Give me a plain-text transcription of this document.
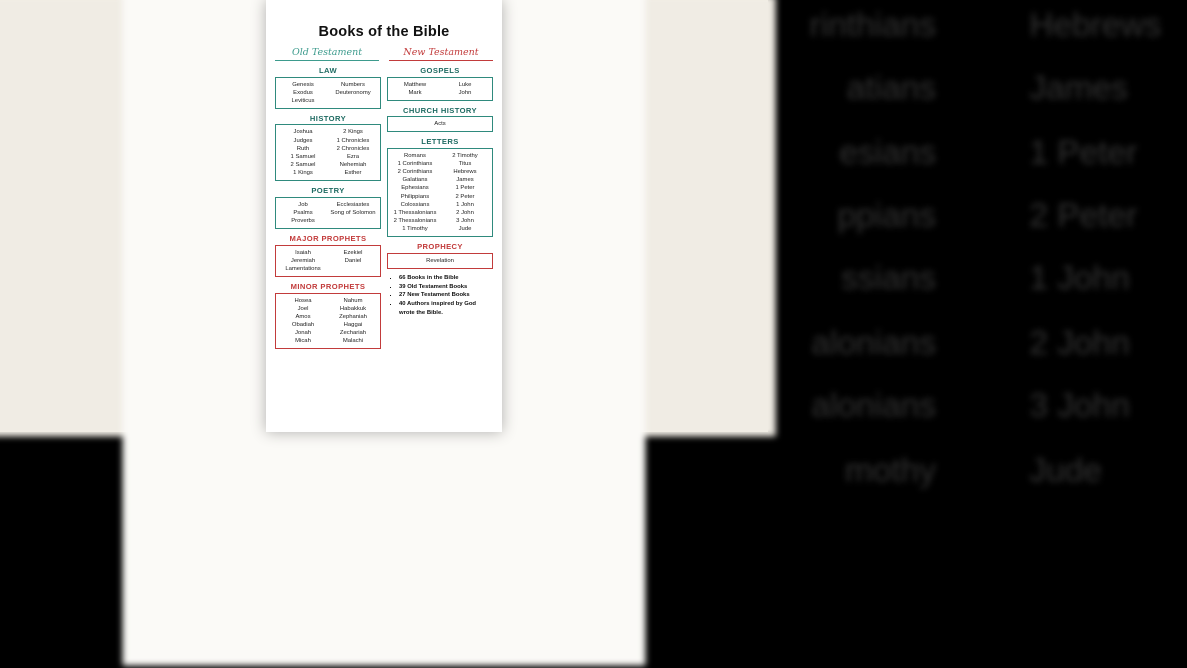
rinthians
atians
esians
ppians
ssians
alonians
alonians
mothy

Hebrews
James
1 Peter
2 Peter
1 John
2 John
3 John
Jude
Books of the Bible
Old Testament	New Testament
LAW
Genesis
Exodus
Leviticus
Numbers
Deuteronomy
HISTORY
Joshua
Judges
Ruth
1 Samuel
2 Samuel
1 Kings
2 Kings
1 Chronicles
2 Chronicles
Ezra
Nehemiah
Esther
POETRY
Job
Psalms
Proverbs
Ecclesiastes
Song of Solomon
MAJOR PROPHETS
Isaiah
Jeremiah
Lamentations
Ezekiel
Daniel
MINOR PROPHETS
Hosea
Joel
Amos
Obadiah
Jonah
Micah
Nahum
Habakkuk
Zephaniah
Haggai
Zechariah
Malachi
GOSPELS
Matthew
Mark
Luke
John
CHURCH HISTORY
Acts
LETTERS
Romans
1 Corinthians
2 Corinthians
Galatians
Ephesians
Philippians
Colossians
1 Thessalonians
2 Thessalonians
1 Timothy
2 Timothy
Titus
Hebrews
James
1 Peter
2 Peter
1 John
2 John
3 John
Jude
PROPHECY
Revelation
▪ 66 Books in the Bible
▪ 39 Old Testament Books
▪ 27 New Testament Books
▪ 40 Authors inspired by God wrote the Bible.
